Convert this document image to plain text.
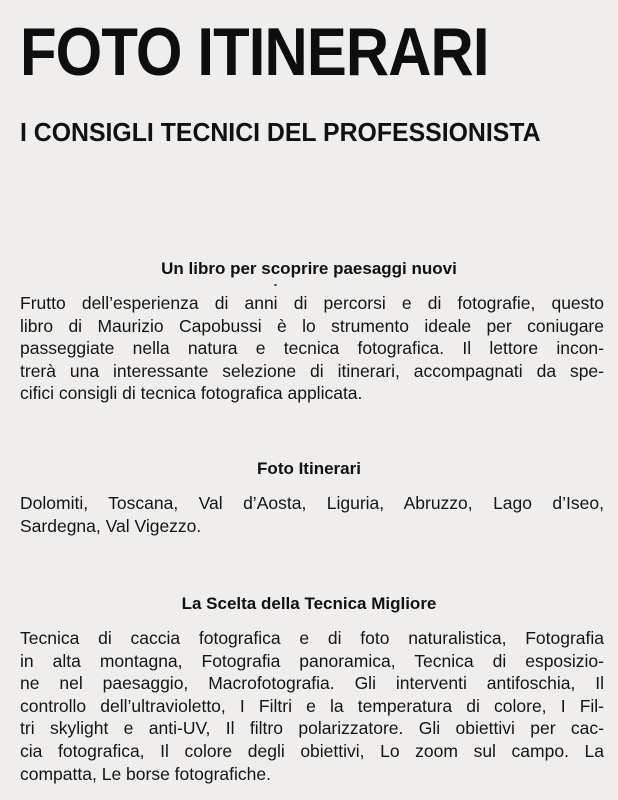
FOTO ITINERARI
I CONSIGLI TECNICI DEL PROFESSIONISTA
Un libro per scoprire paesaggi nuovi

Frutto dell’esperienza di anni di percorsi e di fotografie, questo
libro di Maurizio Capobussi è lo strumento ideale per coniugare
passeggiate nella natura e tecnica fotografica. Il lettore incon-
trerà una interessante selezione di itinerari, accompagnati da spe-
cifici consigli di tecnica fotografica applicata.

Foto Itinerari

Dolomiti, Toscana, Val d’Aosta, Liguria, Abruzzo, Lago d’Iseo,
Sardegna, Val Vigezzo.

La Scelta della Tecnica Migliore

Tecnica di caccia fotografica e di foto naturalistica, Fotografia
in alta montagna, Fotografia panoramica, Tecnica di esposizio-
ne nel paesaggio, Macrofotografia. Gli interventi antifoschia, Il
controllo dell’ultravioletto, I Filtri e la temperatura di colore, I Fil-
tri skylight e anti-UV, Il filtro polarizzatore. Gli obiettivi per cac-
cia fotografica, Il colore degli obiettivi, Lo zoom sul campo. La
compatta, Le borse fotografiche.
